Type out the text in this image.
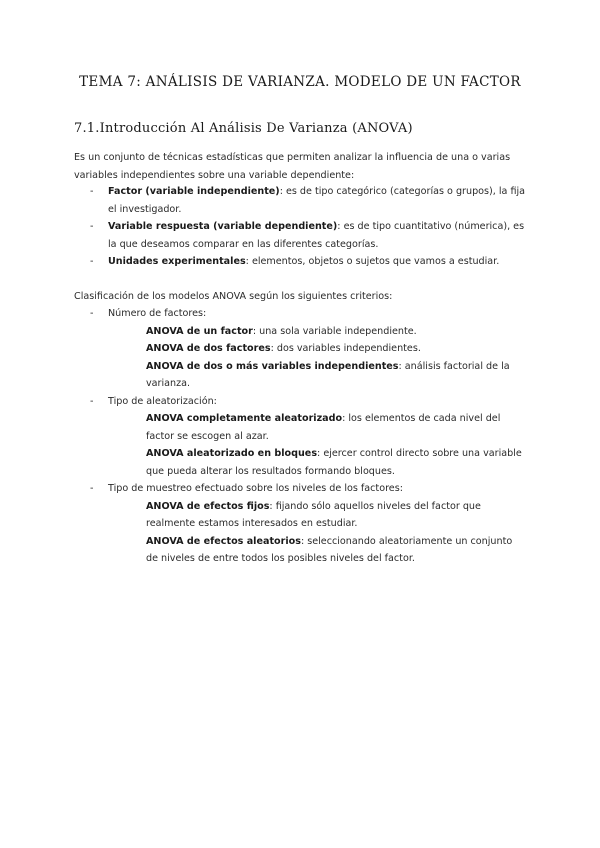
TEMA 7: ANÁLISIS DE VARIANZA. MODELO DE UN FACTOR
7.1.Introducción Al Análisis De Varianza (ANOVA)
Es un conjunto de técnicas estadísticas que permiten analizar la influencia de una o varias variables independientes sobre una variable dependiente:
-	Factor (variable independiente): es de tipo categórico (categorías o grupos), la fija el investigador.
-	Variable respuesta (variable dependiente): es de tipo cuantitativo (númerica), es la que deseamos comparar en las diferentes categorías.
-	Unidades experimentales: elementos, objetos o sujetos que vamos a estudiar.
Clasificación de los modelos ANOVA según los siguientes criterios:
-	Número de factores:
ANOVA de un factor: una sola variable independiente.
ANOVA de dos factores: dos variables independientes.
ANOVA de dos o más variables independientes: análisis factorial de la varianza.
-	Tipo de aleatorización:
ANOVA completamente aleatorizado: los elementos de cada nivel del factor se escogen al azar.
ANOVA aleatorizado en bloques: ejercer control directo sobre una variable que pueda alterar los resultados formando bloques.
-	Tipo de muestreo efectuado sobre los niveles de los factores:
ANOVA de efectos fijos: fijando sólo aquellos niveles del factor que realmente estamos interesados en estudiar.
ANOVA de efectos aleatorios: seleccionando aleatoriamente un conjunto de niveles de entre todos los posibles niveles del factor.
